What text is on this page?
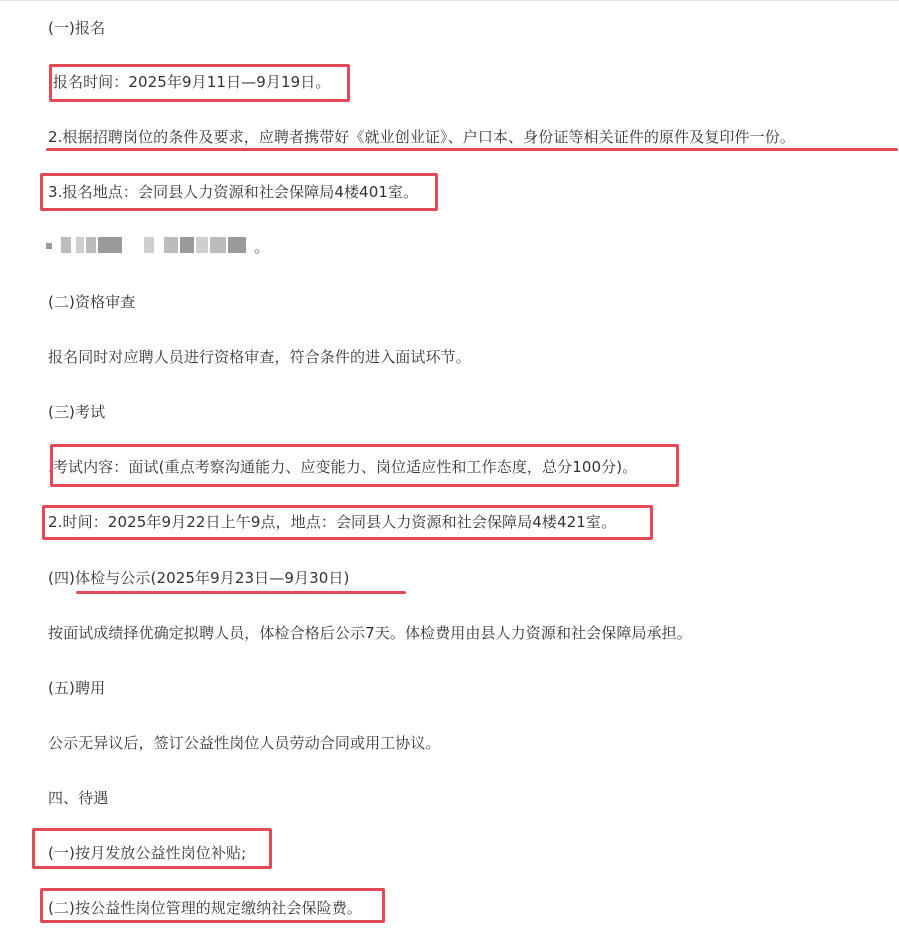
(一)报名
.报名时间：2025年9月11日—9月19日。
2.根据招聘岗位的条件及要求，应聘者携带好《就业创业证》、户口本、身份证等相关证件的原件及复印件一份。
3.报名地点：会同县人力资源和社会保障局4楼401室。
。
(二)资格审查
报名同时对应聘人员进行资格审查，符合条件的进入面试环节。
(三)考试
.考试内容：面试(重点考察沟通能力、应变能力、岗位适应性和工作态度，总分100分)。
2.时间：2025年9月22日上午9点，地点：会同县人力资源和社会保障局4楼421室。
(四)体检与公示(2025年9月23日—9月30日)
按面试成绩择优确定拟聘人员，体检合格后公示7天。体检费用由县人力资源和社会保障局承担。
(五)聘用
公示无异议后，签订公益性岗位人员劳动合同或用工协议。
四、待遇
(一)按月发放公益性岗位补贴;
(二)按公益性岗位管理的规定缴纳社会保险费。
